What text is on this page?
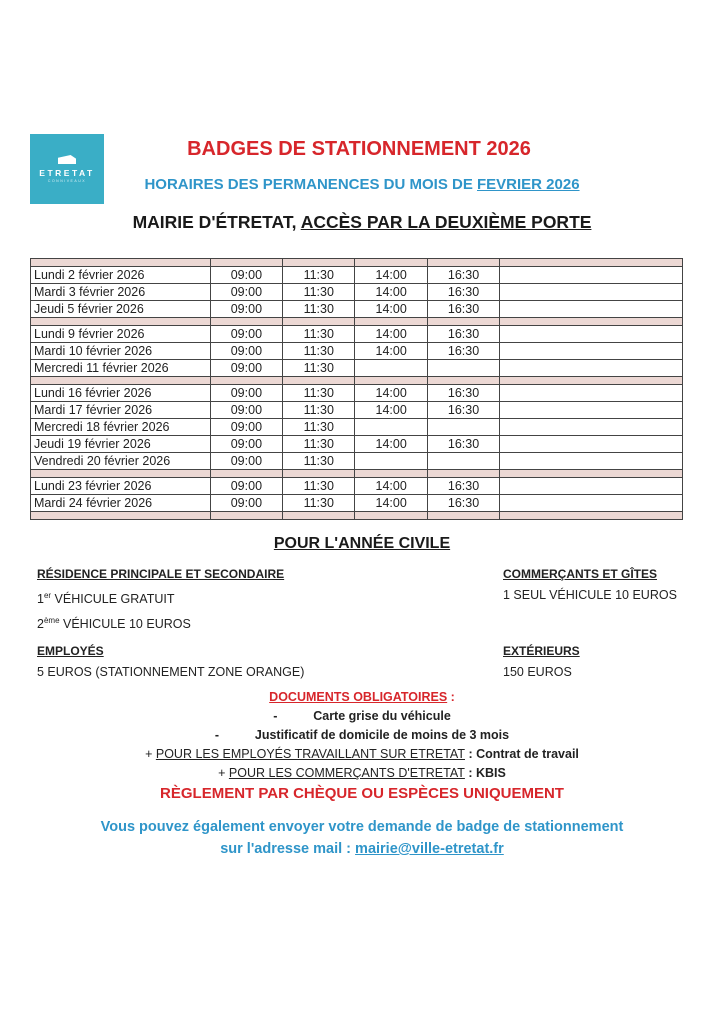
ETRETAT
CONNIVEAUX
BADGES DE STATIONNEMENT 2026
HORAIRES DES PERMANENCES DU MOIS DE FEVRIER 2026
MAIRIE D'ÉTRETAT, ACCÈS PAR LA DEUXIÈME PORTE

Lundi 2 février 2026	09:00	11:30	14:00	16:30	
Mardi 3 février 2026	09:00	11:30	14:00	16:30	
Jeudi 5 février 2026	09:00	11:30	14:00	16:30	

Lundi 9 février 2026	09:00	11:30	14:00	16:30	
Mardi 10 février 2026	09:00	11:30	14:00	16:30	
Mercredi 11 février 2026	09:00	11:30			

Lundi 16 février 2026	09:00	11:30	14:00	16:30	
Mardi 17 février 2026	09:00	11:30	14:00	16:30	
Mercredi 18 février 2026	09:00	11:30			
Jeudi 19 février 2026	09:00	11:30	14:00	16:30	
Vendredi 20 février 2026	09:00	11:30			

Lundi 23 février 2026	09:00	11:30	14:00	16:30	
Mardi 24 février 2026	09:00	11:30	14:00	16:30	

POUR L'ANNÉE CIVILE
RÉSIDENCE PRINCIPALE ET SECONDAIRE
1er VÉHICULE GRATUIT
2ème VÉHICULE 10 EUROS
COMMERÇANTS ET GÎTES
1 SEUL VÉHICULE 10 EUROS
EMPLOYÉS
5 EUROS (STATIONNEMENT ZONE ORANGE)
EXTÉRIEURS
150 EUROS
DOCUMENTS OBLIGATOIRES :
-	Carte grise du véhicule
-	Justificatif de domicile de moins de 3 mois
+ POUR LES EMPLOYÉS TRAVAILLANT SUR ETRETAT : Contrat de travail
+ POUR LES COMMERÇANTS D'ETRETAT : KBIS
RÈGLEMENT PAR CHÈQUE OU ESPÈCES UNIQUEMENT
Vous pouvez également envoyer votre demande de badge de stationnement
sur l'adresse mail : mairie@ville-etretat.fr
